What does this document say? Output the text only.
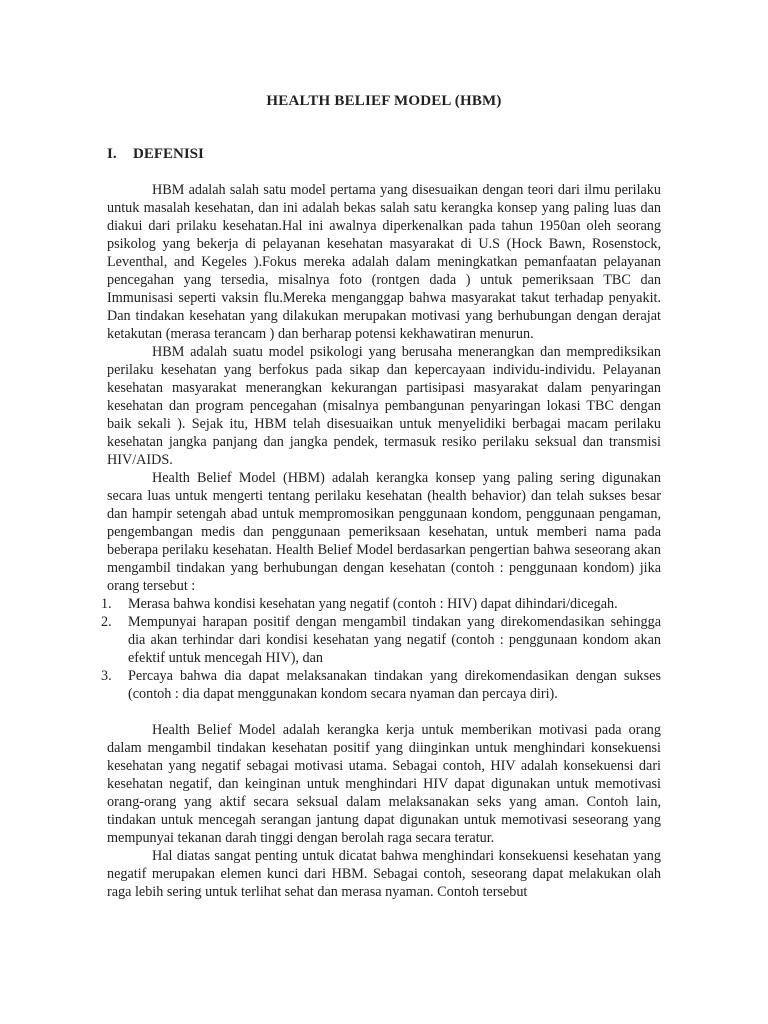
HEALTH BELIEF MODEL (HBM)
I. DEFENISI

HBM adalah salah satu model pertama yang disesuaikan dengan teori dari ilmu perilaku untuk masalah kesehatan, dan ini adalah bekas salah satu kerangka konsep yang paling luas dan diakui dari prilaku kesehatan.Hal ini awalnya diperkenalkan pada tahun 1950an oleh seorang psikolog yang bekerja di pelayanan kesehatan masyarakat di U.S (Hock Bawn, Rosenstock, Leventhal, and Kegeles ).Fokus mereka adalah dalam meningkatkan pemanfaatan pelayanan pencegahan yang tersedia, misalnya foto (rontgen dada ) untuk pemeriksaan TBC dan Immunisasi seperti vaksin flu.Mereka menganggap bahwa masyarakat takut terhadap penyakit. Dan tindakan kesehatan yang dilakukan merupakan motivasi yang berhubungan dengan derajat ketakutan (merasa terancam ) dan berharap potensi kekhawatiran menurun.

HBM adalah suatu model psikologi yang berusaha menerangkan dan memprediksikan perilaku kesehatan yang berfokus pada sikap dan kepercayaan individu-individu. Pelayanan kesehatan masyarakat menerangkan kekurangan partisipasi masyarakat dalam penyaringan kesehatan dan program pencegahan (misalnya pembangunan penyaringan lokasi TBC dengan baik sekali ). Sejak itu, HBM telah disesuaikan untuk menyelidiki berbagai macam perilaku kesehatan jangka panjang dan jangka pendek, termasuk resiko perilaku seksual dan transmisi HIV/AIDS.

Health Belief Model (HBM) adalah kerangka konsep yang paling sering digunakan secara luas untuk mengerti tentang perilaku kesehatan (health behavior) dan telah sukses besar dan hampir setengah abad untuk mempromosikan penggunaan kondom, penggunaan pengaman, pengembangan medis dan penggunaan pemeriksaan kesehatan, untuk memberi nama pada beberapa perilaku kesehatan. Health Belief Model berdasarkan pengertian bahwa seseorang akan mengambil tindakan yang berhubungan dengan kesehatan (contoh : penggunaan kondom) jika orang tersebut :

1. Merasa bahwa kondisi kesehatan yang negatif (contoh : HIV) dapat dihindari/dicegah.
2. Mempunyai harapan positif dengan mengambil tindakan yang direkomendasikan sehingga dia akan terhindar dari kondisi kesehatan yang negatif (contoh : penggunaan kondom akan efektif untuk mencegah HIV), dan
3. Percaya bahwa dia dapat melaksanakan tindakan yang direkomendasikan dengan sukses (contoh : dia dapat menggunakan kondom secara nyaman dan percaya diri).

Health Belief Model adalah kerangka kerja untuk memberikan motivasi pada orang dalam mengambil tindakan kesehatan positif yang diinginkan untuk menghindari konsekuensi kesehatan yang negatif sebagai motivasi utama. Sebagai contoh, HIV adalah konsekuensi dari kesehatan negatif, dan keinginan untuk menghindari HIV dapat digunakan untuk memotivasi orang-orang yang aktif secara seksual dalam melaksanakan seks yang aman. Contoh lain, tindakan untuk mencegah serangan jantung dapat digunakan untuk memotivasi seseorang yang mempunyai tekanan darah tinggi dengan berolah raga secara teratur.

Hal diatas sangat penting untuk dicatat bahwa menghindari konsekuensi kesehatan yang negatif merupakan elemen kunci dari HBM. Sebagai contoh, seseorang dapat melakukan olah raga lebih sering untuk terlihat sehat dan merasa nyaman. Contoh tersebut
